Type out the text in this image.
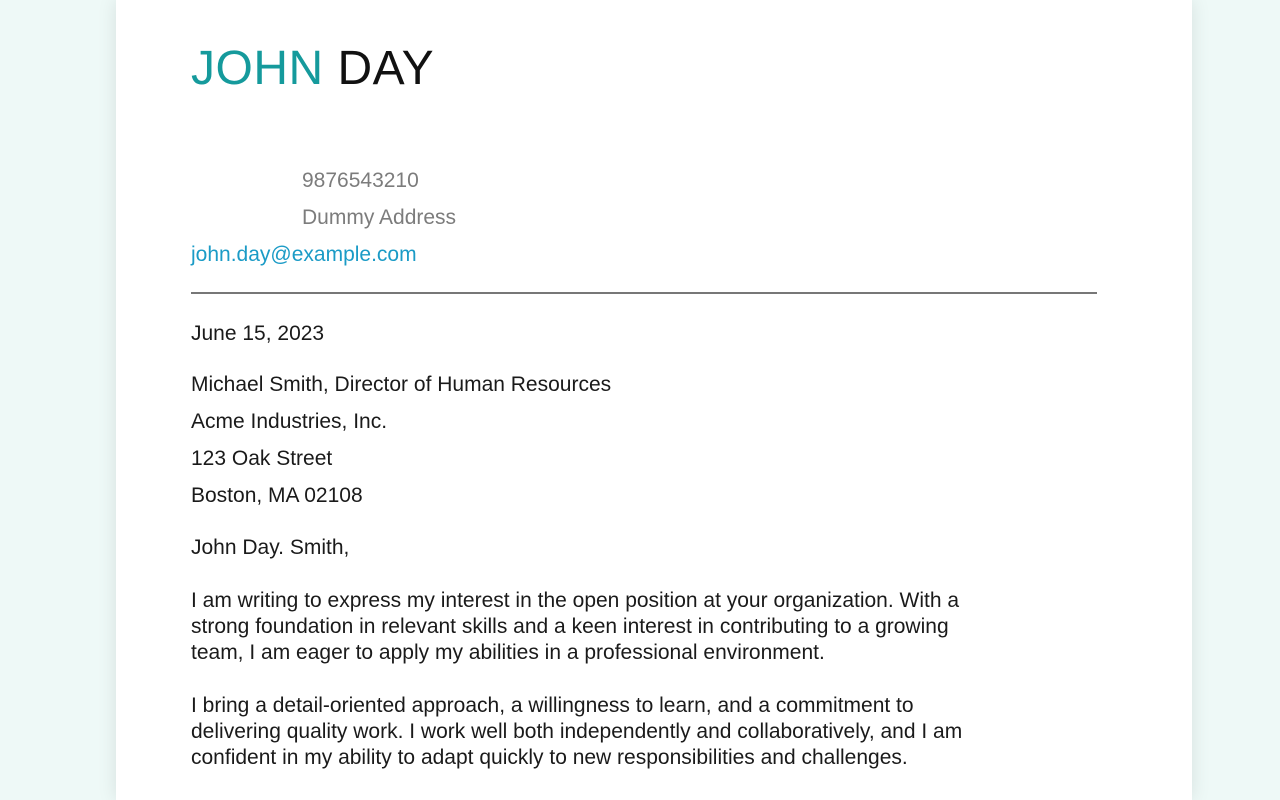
JOHN DAY
9876543210
Dummy Address
john.day@example.com
June 15, 2023
Michael Smith, Director of Human Resources
Acme Industries, Inc.
123 Oak Street
Boston, MA 02108
John Day. Smith,

I am writing to express my interest in the open position at your organization. With a
strong foundation in relevant skills and a keen interest in contributing to a growing
team, I am eager to apply my abilities in a professional environment.

I bring a detail-oriented approach, a willingness to learn, and a commitment to
delivering quality work. I work well both independently and collaboratively, and I am
confident in my ability to adapt quickly to new responsibilities and challenges.
